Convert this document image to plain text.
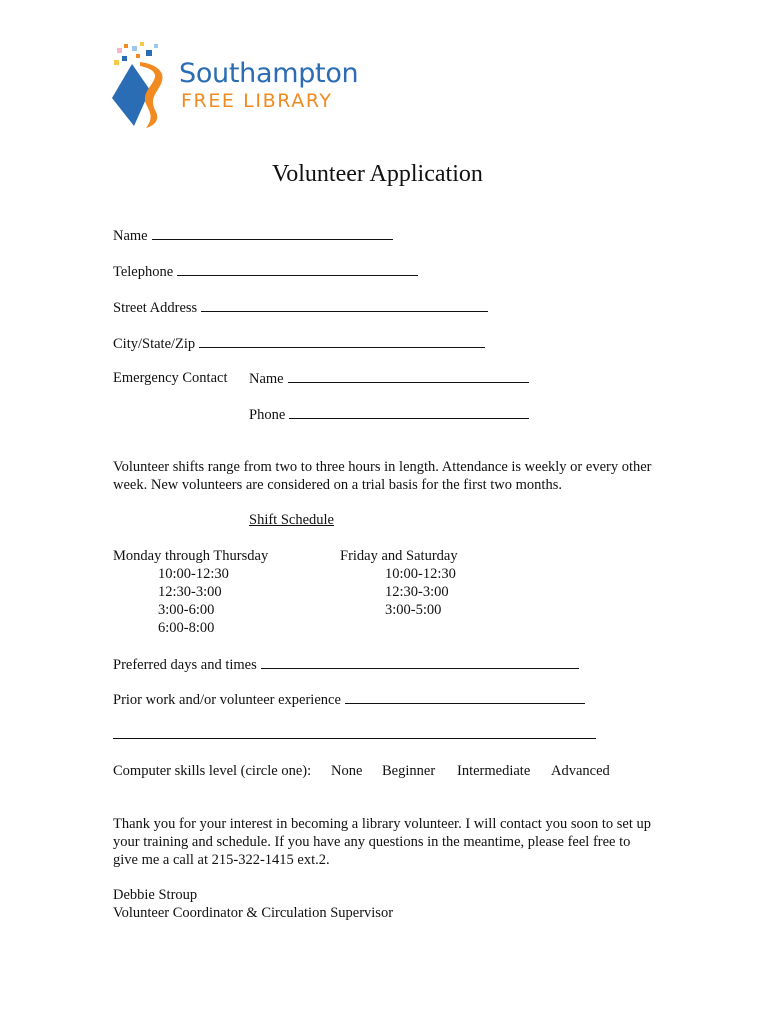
Southampton
FREE LIBRARY
Volunteer Application
Name
Telephone
Street Address
City/State/Zip
Emergency Contact Name
Phone
Volunteer shifts range from two to three hours in length. Attendance is weekly or every other week. New volunteers are considered on a trial basis for the first two months.
Shift Schedule
Monday through Thursday
10:00-12:30
12:30-3:00
3:00-6:00
6:00-8:00
Friday and Saturday
10:00-12:30
12:30-3:00
3:00-5:00
Preferred days and times
Prior work and/or volunteer experience
Computer skills level (circle one): None Beginner Intermediate Advanced
Thank you for your interest in becoming a library volunteer. I will contact you soon to set up your training and schedule. If you have any questions in the meantime, please feel free to give me a call at 215-322-1415 ext.2.
Debbie Stroup
Volunteer Coordinator & Circulation Supervisor
